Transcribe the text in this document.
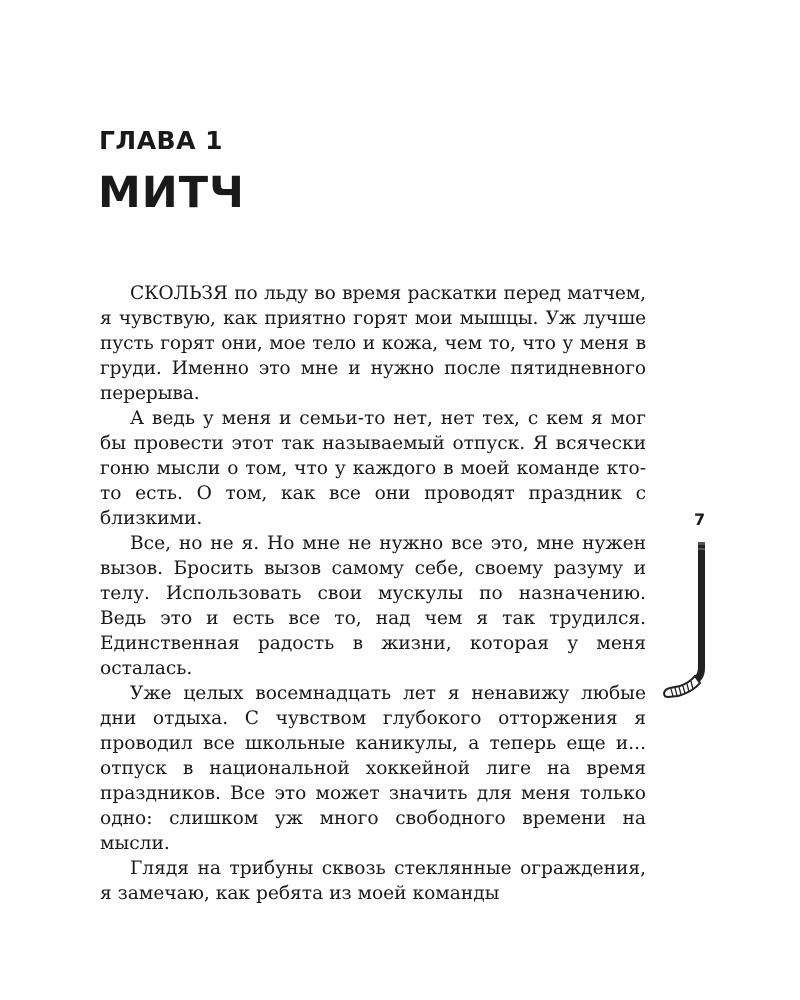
ГЛАВА 1
МИТЧ

СКОЛЬЗЯ по льду во время раскатки перед матчем, я чувствую, как приятно горят мои мышцы. Уж лучше пусть горят они, мое тело и кожа, чем то, что у меня в груди. Именно это мне и нужно после пятидневного перерыва.

А ведь у меня и семьи-то нет, нет тех, с кем я мог бы провести этот так называемый отпуск. Я всячески гоню мысли о том, что у каждого в моей команде кто-то есть. О том, как все они проводят праздник с близкими.

Все, но не я. Но мне не нужно все это, мне нужен вызов. Бросить вызов самому себе, своему разуму и телу. Использовать свои мускулы по назначению. Ведь это и есть все то, над чем я так трудился. Единственная радость в жизни, которая у меня осталась.

Уже целых восемнадцать лет я ненавижу любые дни отдыха. С чувством глубокого отторжения я проводил все школьные каникулы, а теперь еще и... отпуск в национальной хоккейной лиге на время праздников. Все это может значить для меня только одно: слишком уж много свободного времени на мысли.

Глядя на трибуны сквозь стеклянные ограждения, я замечаю, как ребята из моей команды

7
